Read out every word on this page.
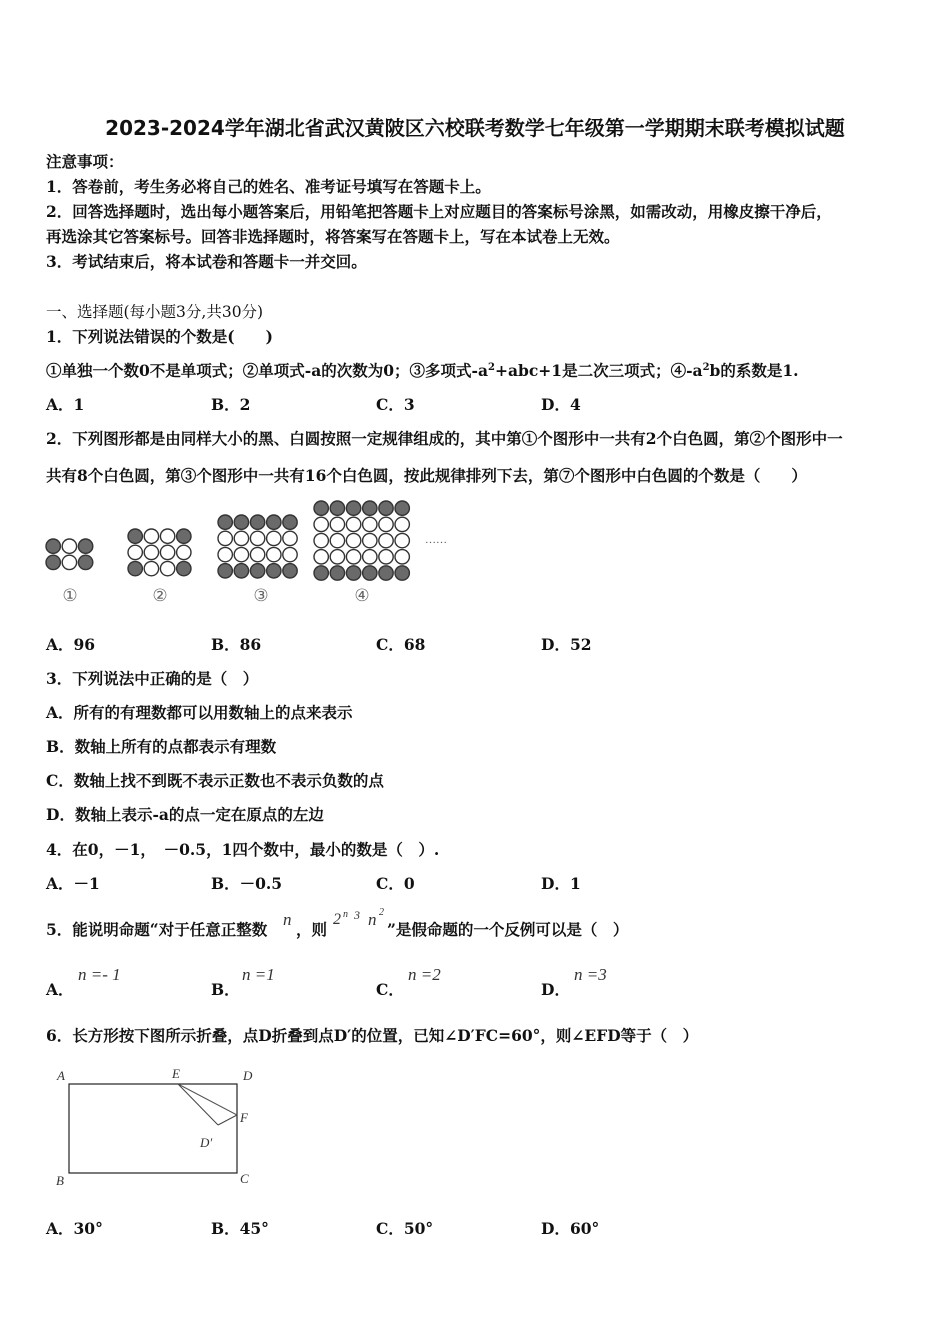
2023-2024学年湖北省武汉黄陂区六校联考数学七年级第一学期期末联考模拟试题
注意事项：
1．答卷前，考生务必将自己的姓名、准考证号填写在答题卡上。
2．回答选择题时，选出每小题答案后，用铅笔把答题卡上对应题目的答案标号涂黑，如需改动，用橡皮擦干净后，
再选涂其它答案标号。回答非选择题时，将答案写在答题卡上，写在本试卷上无效。
3．考试结束后，将本试卷和答题卡一并交回。
一、选择题(每小题3分,共30分)
1．下列说法错误的个数是(　　)
①单独一个数0不是单项式；②单项式-a的次数为0；③多项式$-a^2+abc+1$是二次三项式；$④-a^2b$的系数是1.
A．1	B．2	C．3	D．4
2．下列图形都是由同样大小的黑、白圆按照一定规律组成的，其中第①个图形中一共有2个白色圆，第②个图形中一
共有8个白色圆，第③个图形中一共有16个白色圆，按此规律排列下去，第⑦个图形中白色圆的个数是（　　）
①	②	③	④
……
A．96	B．86	C．68	D．52
3．下列说法中正确的是（　）
A．所有的有理数都可以用数轴上的点来表示
B．数轴上所有的点都表示有理数
C．数轴上找不到既不表示正数也不表示负数的点
D．数轴上表示-a的点一定在原点的左边
4．在0，－1，　－0.5，1四个数中，最小的数是（　）.
A．－1	B．－0.5	C．0	D．1
5．能说明命题“对于任意正整数
n
，则
2 n 3 n 2
”是假命题的一个反例可以是（　）
A．
n =- 1
B．
n =1
C．
n =2
D．
n =3
6．长方形按下图所示折叠，点D折叠到点D′的位置，已知∠D′FC=60°，则∠EFD等于（　）
A	E	D
F
D′
B	C
A．30°	B．45°	C．50°	D．60°
